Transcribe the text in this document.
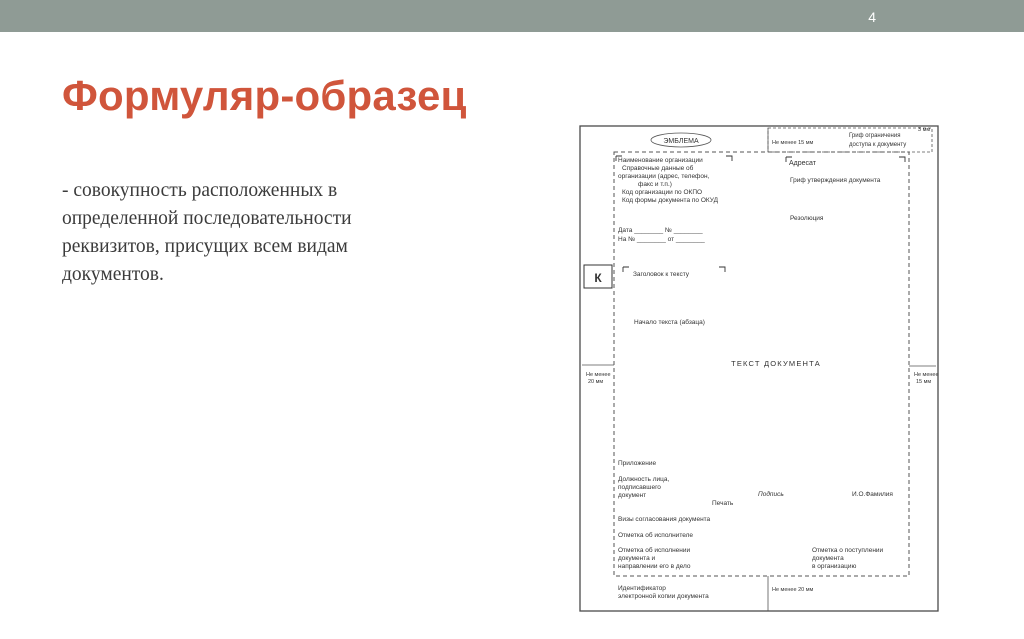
4
Формуляр-образец
- совокупность расположенных в
определенной последовательности
реквизитов, присущих всем видам
документов.
Не менее 15 мм
Гриф ограничения
доступа к документу
3 мм
ЭМБЛЕМА
Наименование организации
Справочные данные об
организации (адрес, телефон,
факс и т.п.)
Код организации по ОКПО
Код формы документа по ОКУД
Адресат
Гриф утверждения документа
Резолюция
Дата ________ № ________
На № ________ от ________
К	Заголовок к тексту
Начало текста (абзаца)
ТЕКСТ ДОКУМЕНТА
Не менее
20 мм
Не менее
15 мм
Приложение
Должность лица,
подписавшего
документ
Печать
Подпись	И.О.Фамилия
Визы согласования документа
Отметка об исполнителе
Отметка об исполнении
документа и
направлении его в дело
Отметка о поступлении
документа
в организацию
Не менее 20 мм
Идентификатор
электронной копии документа
